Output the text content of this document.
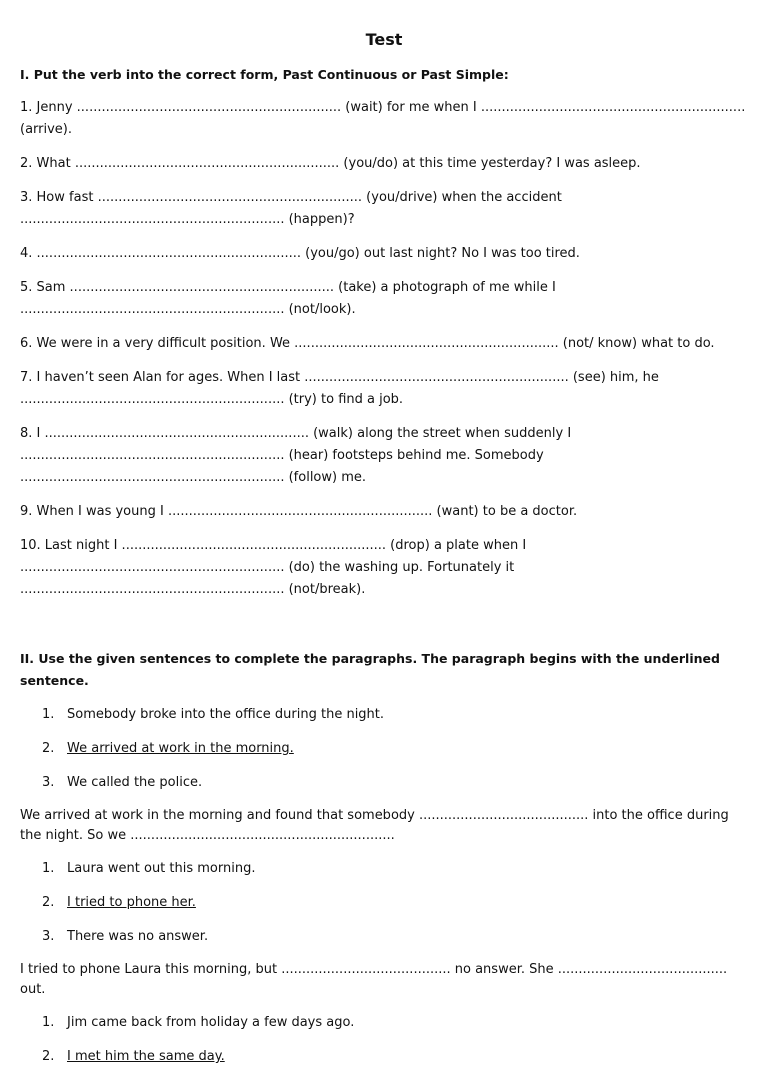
Test

I. Put the verb into the correct form, Past Continuous or Past Simple:

1. Jenny ................................................................ (wait) for me when I ................................................................ (arrive).

2. What ................................................................ (you/do) at this time yesterday? I was asleep.

3. How fast ................................................................ (you/drive) when the accident ................................................................ (happen)?

4. ................................................................ (you/go) out last night? No I was too tired.

5. Sam ................................................................ (take) a photograph of me while I ................................................................ (not/look).

6. We were in a very difficult position. We ................................................................ (not/ know) what to do.

7. I haven’t seen Alan for ages. When I last ................................................................ (see) him, he ................................................................ (try) to find a job.

8. I ................................................................ (walk) along the street when suddenly I ................................................................ (hear) footsteps behind me. Somebody ................................................................ (follow) me.

9. When I was young I ................................................................ (want) to be a doctor.

10. Last night I ................................................................ (drop) a plate when I ................................................................ (do) the washing up. Fortunately it ................................................................ (not/break).

II. Use the given sentences to complete the paragraphs. The paragraph begins with the underlined sentence.

1. Somebody broke into the office during the night.
2. We arrived at work in the morning.
3. We called the police.

We arrived at work in the morning and found that somebody ......................................... into the office during the night. So we ................................................................

1. Laura went out this morning.
2. I tried to phone her.
3. There was no answer.

I tried to phone Laura this morning, but ......................................... no answer. She ......................................... out.

1. Jim came back from holiday a few days ago.
2. I met him the same day.
